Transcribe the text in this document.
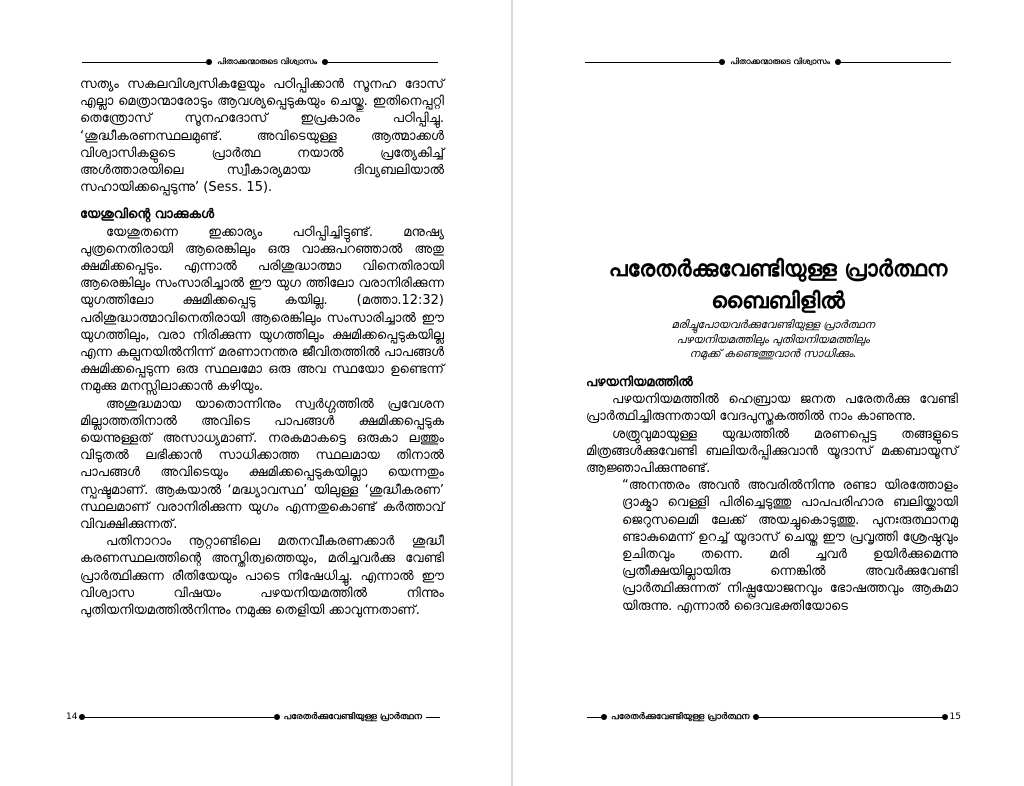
പിതാക്കന്മാരുടെ വിശ്വാസം

സത്യം സകലവിശ്വസികളേയും പഠിപ്പിക്കാൻ സൂനഹ ദോസ് എല്ലാ മെത്രാന്മാരോടും ആവശ്യപ്പെടുകയും ചെയ്തു. ഇതിനെപ്പറ്റി തെന്ത്രോസ് സൂനഹദോസ് ഇപ്രകാരം പഠിപ്പിച്ചു. ‘ശുദ്ധീകരണസ്ഥലമുണ്ട്. അവിടെയുള്ള ആത്മാക്കൾ വിശ്വാസികളുടെ പ്രാർത്ഥ നയാൽ പ്രത്യേകിച്ച് അൾത്താരയിലെ സ്വീകാര്യമായ ദിവ്യബലിയാൽ സഹായിക്കപ്പെടുന്നു’ (Sess. 15).

യേശുവിന്റെ വാക്കുകൾ

യേശുതന്നെ ഇക്കാര്യം പഠിപ്പിച്ചിട്ടുണ്ട്. മനുഷ്യ പുത്രനെതിരായി ആരെങ്കിലും ഒരു വാക്കുപറഞ്ഞാൽ അതു ക്ഷമിക്കപ്പെടും. എന്നാൽ പരിശുദ്ധാത്മാ വിനെതിരായി ആരെങ്കിലും സംസാരിച്ചാൽ ഈ യുഗ ത്തിലോ വരാനിരിക്കുന്ന യുഗത്തിലോ ക്ഷമിക്കപ്പെടു കയില്ല. (മത്താ.12:32) പരിശുദ്ധാത്മാവിനെതിരായി ആരെങ്കിലും സംസാരിച്ചാൽ ഈ യുഗത്തിലും, വരാ നിരിക്കുന്ന യുഗത്തിലും ക്ഷമിക്കപ്പെടുകയില്ല എന്ന കല്പനയിൽനിന്ന് മരണാനന്തര ജീവിതത്തിൽ പാപങ്ങൾ ക്ഷമിക്കപ്പെടുന്ന ഒരു സ്ഥലമോ ഒരു അവ സ്ഥയോ ഉണ്ടെന്ന് നമുക്കു മനസ്സിലാക്കാൻ കഴിയും.

അശുദ്ധമായ യാതൊന്നിനും സ്വർഗ്ഗത്തിൽ പ്രവേശന മില്ലാത്തതിനാൽ അവിടെ പാപങ്ങൾ ക്ഷമിക്കപ്പെടുക യെന്നുള്ളത് അസാധ്യമാണ്. നരകമാകട്ടെ ഒരുകാ ലത്തും വിടുതൽ ലഭിക്കാൻ സാധിക്കാത്ത സ്ഥലമായ തിനാൽ പാപങ്ങൾ അവിടെയും ക്ഷമിക്കപ്പെടുകയില്ലാ യെന്നതും സ്പഷ്ടമാണ്. ആകയാൽ ‘മദ്ധ്യാവസ്ഥ’ യിലുള്ള ‘ശുദ്ധീകരണ’ സ്ഥലമാണ് വരാനിരിക്കുന്ന യുഗം എന്നതുകൊണ്ട് കർത്താവ് വിവക്ഷിക്കുന്നത്.

പതിനാറാം നൂറ്റാണ്ടിലെ മതനവീകരണക്കാർ ശുദ്ധീ കരണസ്ഥലത്തിന്റെ അസ്തിത്വത്തെയും, മരിച്ചവർക്കു വേണ്ടി പ്രാർത്ഥിക്കുന്ന രീതിയേയും പാടെ നിഷേധിച്ചു. എന്നാൽ ഈ വിശ്വാസ വിഷയം പഴയനിയമത്തിൽ നിന്നും പുതിയനിയമത്തിൽനിന്നും നമുക്കു തെളിയി ക്കാവുന്നതാണ്.

14	പരേതർക്കുവേണ്ടിയുള്ള പ്രാർത്ഥന
പിതാക്കന്മാരുടെ വിശ്വാസം
പരേതർക്കുവേണ്ടിയുള്ള പ്രാർത്ഥന
ബൈബിളിൽ
മരിച്ചുപോയവർക്കുവേണ്ടിയുള്ള പ്രാർത്ഥന
പഴയനിയമത്തിലും പുതിയനിയമത്തിലും
നമുക്ക് കണ്ടെത്തുവാൻ സാധിക്കും.

പഴയനിയമത്തിൽ

പഴയനിയമത്തിൽ ഹെബ്രായ ജനത പരേതർക്കു വേണ്ടി പ്രാർത്ഥിച്ചിരുന്നതായി വേദപുസ്തകത്തിൽ നാം കാണുന്നു.

ശത്രുവുമായുള്ള യുദ്ധത്തിൽ മരണപ്പെട്ട തങ്ങളുടെ മിത്രങ്ങൾക്കുവേണ്ടി ബലിയർപ്പിക്കുവാൻ യൂദാസ് മക്കബായൂസ് ആജ്ഞാപിക്കുന്നുണ്ട്.

“അനന്തരം അവൻ അവരിൽനിന്നു രണ്ടാ യിരത്തോളം ദ്രാക്മാ വെള്ളി പിരിച്ചെടുത്തു പാപപരിഹാര ബലിയ്ക്കായി ജെറുസലെമി ലേക്ക് അയച്ചുകൊടുത്തു. പുനഃരുത്ഥാനമു ണ്ടാകുമെന്ന് ഉറച്ച് യൂദാസ് ചെയ്ത ഈ പ്രവൃത്തി ശ്രേഷ്ഠവും ഉചിതവും തന്നെ. മരി ച്ചവർ ഉയിർക്കുമെന്നു പ്രതീക്ഷയില്ലായിരു ന്നെങ്കിൽ അവർക്കുവേണ്ടി പ്രാർത്ഥിക്കുന്നത് നിഷ്പ്രയോജനവും ഭോഷത്തവും ആകുമാ യിരുന്നു. എന്നാൽ ദൈവഭക്തിയോടെ

പരേതർക്കുവേണ്ടിയുള്ള പ്രാർത്ഥന	15
